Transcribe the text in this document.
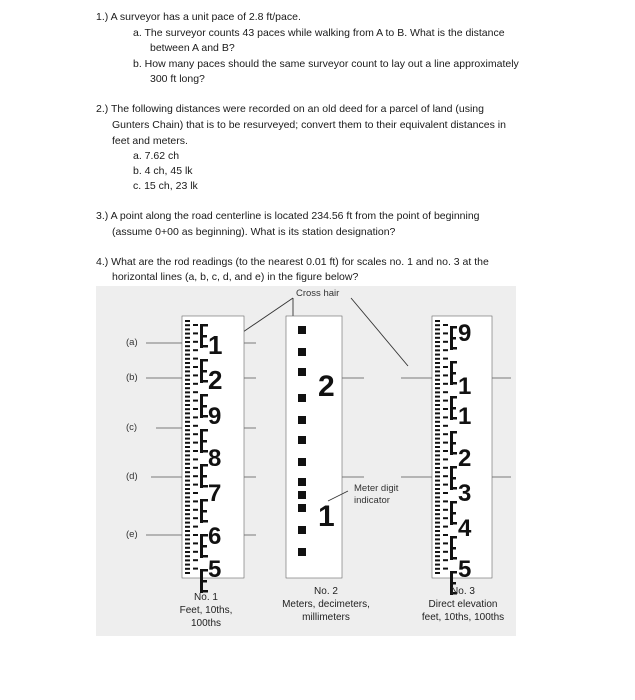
1.) A surveyor has a unit pace of 2.8 ft/pace.
a. The surveyor counts 43 paces while walking from A to B. What is the distance
between A and B?
b. How many paces should the same surveyor count to lay out a line approximately
300 ft long?
2.) The following distances were recorded on an old deed for a parcel of land (using
Gunters Chain) that is to be resurveyed; convert them to their equivalent distances in
feet and meters.
a. 7.62 ch
b. 4 ch, 45 lk
c. 15 ch, 23 lk
3.) A point along the road centerline is located 234.56 ft from the point of beginning
(assume 0+00 as beginning). What is its station designation?
4.) What are the rod readings (to the nearest 0.01 ft) for scales no. 1 and no. 3 at the
horizontal lines (a, b, c, d, and e) in the figure below?
1
2
9
8
7
6
5
2
1
9
1
1
2
3
4
5
Cross hair
(a)
(b)
(c)
(d)
(e)
Meter digit
indicator
No. 1
Feet, 10ths,
100ths
No. 2
Meters, decimeters,
millimeters
No. 3
Direct elevation
feet, 10ths, 100ths
